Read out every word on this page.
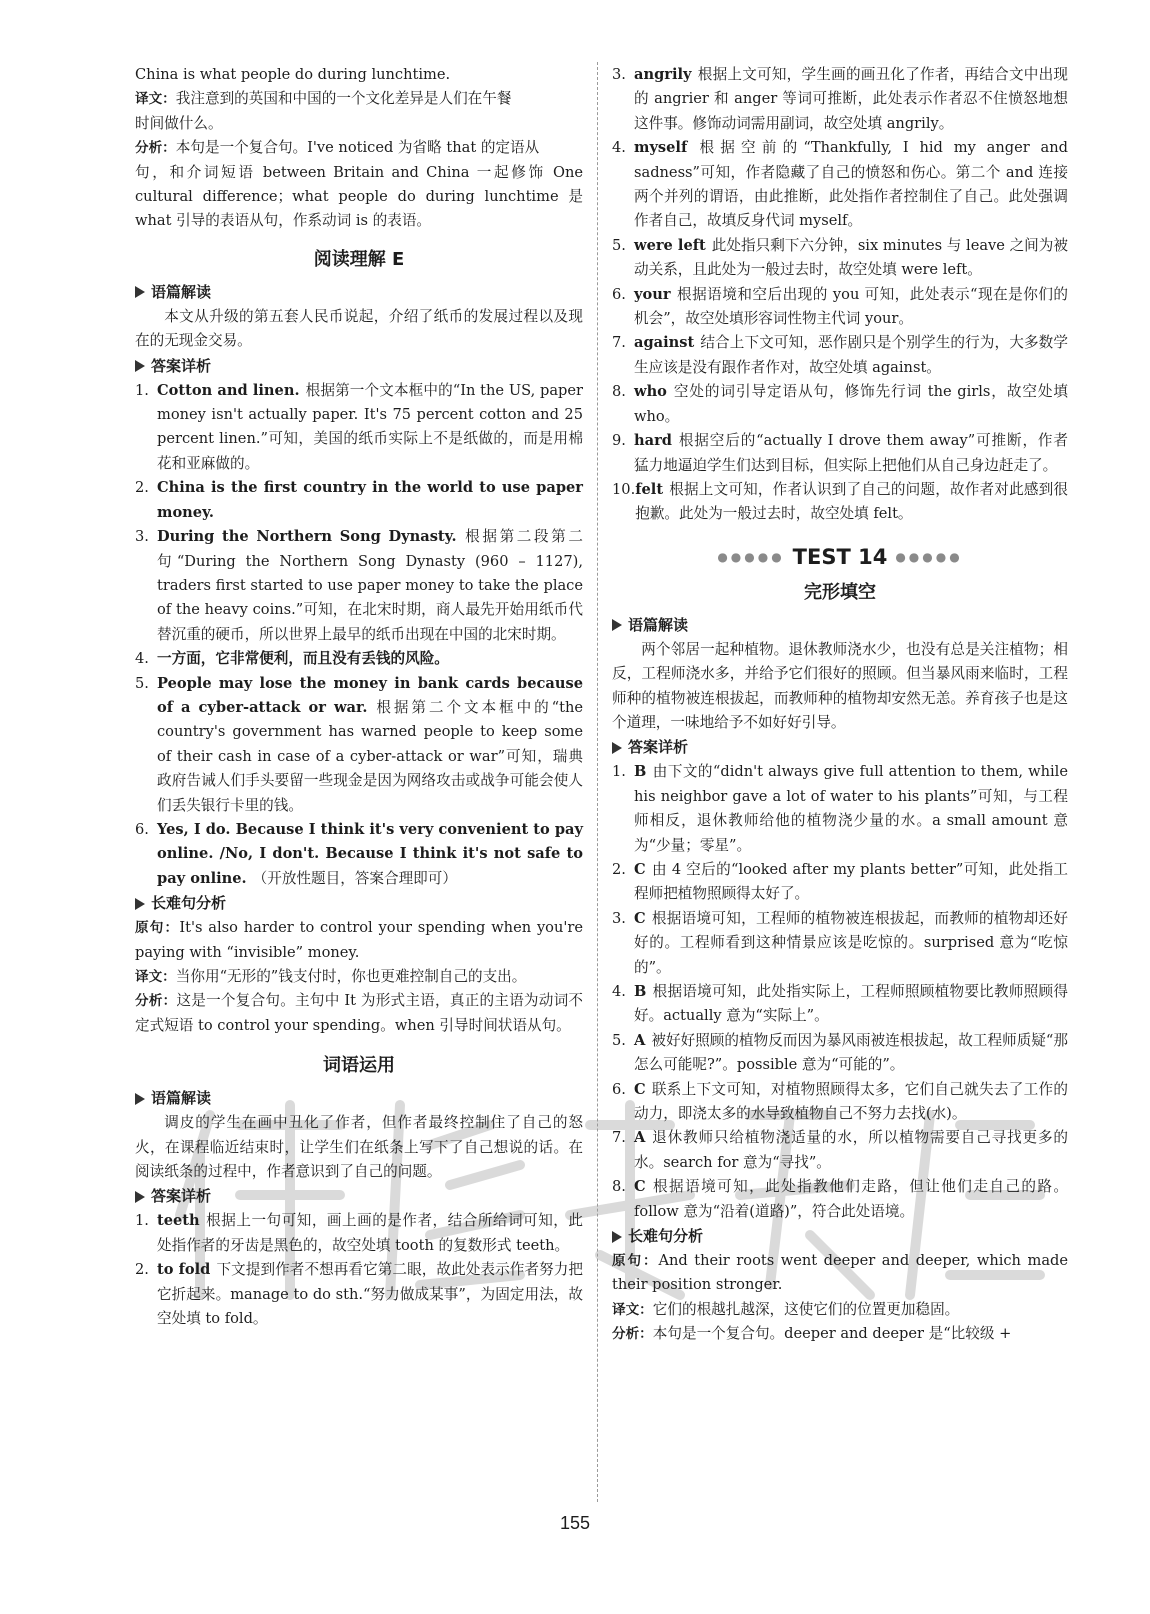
China is what people do during lunchtime.

译文：我注意到的英国和中国的一个文化差异是人们在午餐

时间做什么。

分析：本句是一个复合句。I've noticed 为省略 that 的定语从

句，和介词短语 between Britain and China 一起修饰 One cultural difference；what people do during lunchtime 是 what 引导的表语从句，作系动词 is 的表语。

阅读理解 E
语篇解读

本文从升级的第五套人民币说起，介绍了纸币的发展过程以及现在的无现金交易。

答案详析
1. Cotton and linen. 根据第一个文本框中的“In the US, paper money isn't actually paper. It's 75 percent cotton and 25 percent linen.”可知，美国的纸币实际上不是纸做的，而是用棉花和亚麻做的。
2. China is the first country in the world to use paper money.
3. During the Northern Song Dynasty. 根据第二段第二句“During the Northern Song Dynasty (960 – 1127), traders first started to use paper money to take the place of the heavy coins.”可知，在北宋时期，商人最先开始用纸币代替沉重的硬币，所以世界上最早的纸币出现在中国的北宋时期。
4. 一方面，它非常便利，而且没有丢钱的风险。
5. People may lose the money in bank cards because of a cyber-attack or war. 根据第二个文本框中的“the country's government has warned people to keep some of their cash in case of a cyber-attack or war”可知，瑞典政府告诫人们手头要留一些现金是因为网络攻击或战争可能会使人们丢失银行卡里的钱。
6. Yes, I do. Because I think it's very convenient to pay online. /No, I don't. Because I think it's not safe to pay online. （开放性题目，答案合理即可）
长难句分析

原句：It's also harder to control your spending when you're paying with “invisible” money.

译文：当你用“无形的”钱支付时，你也更难控制自己的支出。

分析：这是一个复合句。主句中 It 为形式主语，真正的主语为动词不定式短语 to control your spending。when 引导时间状语从句。

词语运用
语篇解读

调皮的学生在画中丑化了作者，但作者最终控制住了自己的怒火，在课程临近结束时，让学生们在纸条上写下了自己想说的话。在阅读纸条的过程中，作者意识到了自己的问题。

答案详析
1. teeth 根据上一句可知，画上画的是作者，结合所给词可知，此处指作者的牙齿是黑色的，故空处填 tooth 的复数形式 teeth。
2. to fold 下文提到作者不想再看它第二眼，故此处表示作者努力把它折起来。manage to do sth.“努力做成某事”，为固定用法，故空处填 to fold。
3. angrily 根据上文可知，学生画的画丑化了作者，再结合文中出现的 angrier 和 anger 等词可推断，此处表示作者忍不住愤怒地想这件事。修饰动词需用副词，故空处填 angrily。
4. myself 根据空前的“Thankfully, I hid my anger and sadness”可知，作者隐藏了自己的愤怒和伤心。第二个 and 连接两个并列的谓语，由此推断，此处指作者控制住了自己。此处强调作者自己，故填反身代词 myself。
5. were left 此处指只剩下六分钟，six minutes 与 leave 之间为被动关系，且此处为一般过去时，故空处填 were left。
6. your 根据语境和空后出现的 you 可知，此处表示“现在是你们的机会”，故空处填形容词性物主代词 your。
7. against 结合上下文可知，恶作剧只是个别学生的行为，大多数学生应该是没有跟作者作对，故空处填 against。
8. who 空处的词引导定语从句，修饰先行词 the girls，故空处填 who。
9. hard 根据空后的“actually I drove them away”可推断，作者猛力地逼迫学生们达到目标，但实际上把他们从自己身边赶走了。
10. felt 根据上文可知，作者认识到了自己的问题，故作者对此感到很抱歉。此处为一般过去时，故空处填 felt。
●●●●● TEST 14 ●●●●●
完形填空
语篇解读

两个邻居一起种植物。退休教师浇水少，也没有总是关注植物；相反，工程师浇水多，并给予它们很好的照顾。但当暴风雨来临时，工程师种的植物被连根拔起，而教师种的植物却安然无恙。养育孩子也是这个道理，一味地给予不如好好引导。

答案详析
1. B 由下文的“didn't always give full attention to them, while his neighbor gave a lot of water to his plants”可知，与工程师相反，退休教师给他的植物浇少量的水。a small amount 意为“少量；零星”。
2. C 由 4 空后的“looked after my plants better”可知，此处指工程师把植物照顾得太好了。
3. C 根据语境可知，工程师的植物被连根拔起，而教师的植物却还好好的。工程师看到这种情景应该是吃惊的。surprised 意为“吃惊的”。
4. B 根据语境可知，此处指实际上，工程师照顾植物要比教师照顾得好。actually 意为“实际上”。
5. A 被好好照顾的植物反而因为暴风雨被连根拔起，故工程师质疑“那怎么可能呢?”。possible 意为“可能的”。
6. C 联系上下文可知，对植物照顾得太多，它们自己就失去了工作的动力，即浇太多的水导致植物自己不努力去找(水)。
7. A 退休教师只给植物浇适量的水，所以植物需要自己寻找更多的水。search for 意为“寻找”。
8. C 根据语境可知，此处指教他们走路，但让他们走自己的路。follow 意为“沿着(道路)”，符合此处语境。
长难句分析

原句：And their roots went deeper and deeper, which made their position stronger.

译文：它们的根越扎越深，这使它们的位置更加稳固。

分析：本句是一个复合句。deeper and deeper 是“比较级 +

155
